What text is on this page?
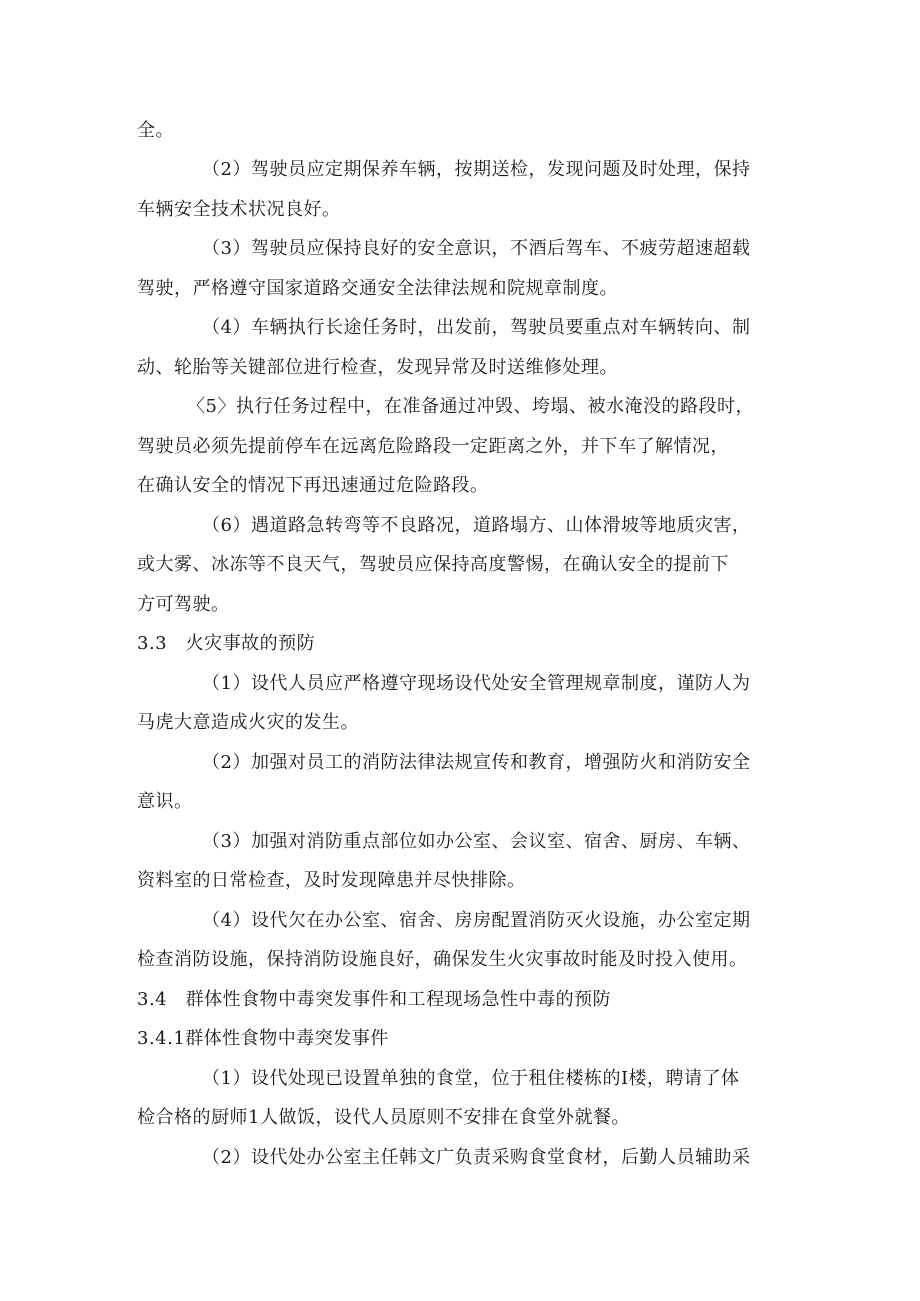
全。
（2）驾驶员应定期保养车辆，按期送检，发现问题及时处理，保持
车辆安全技术状况良好。
（3）驾驶员应保持良好的安全意识，不酒后驾车、不疲劳超速超载
驾驶，严格遵守国家道路交通安全法律法规和院规章制度。
（4）车辆执行长途任务时，出发前，驾驶员要重点对车辆转向、制
动、轮胎等关键部位进行检查，发现异常及时送维修处理。
〈5〉执行任务过程中，在准备通过冲毁、垮塌、被水淹没的路段时，
驾驶员必须先提前停车在远离危险路段一定距离之外，并下车了解情况，
在确认安全的情况下再迅速通过危险路段。
（6）遇道路急转弯等不良路况，道路塌方、山体滑坡等地质灾害，
或大雾、冰冻等不良天气，驾驶员应保持高度警惕，在确认安全的提前下
方可驾驶。
3.3　火灾事故的预防
（1）设代人员应严格遵守现场设代处安全管理规章制度，谨防人为
马虎大意造成火灾的发生。
（2）加强对员工的消防法律法规宣传和教育，增强防火和消防安全
意识。
（3）加强对消防重点部位如办公室、会议室、宿舍、厨房、车辆、
资料室的日常检查，及时发现障患并尽快排除。
（4）设代欠在办公室、宿舍、房房配置消防灭火设施，办公室定期
检查消防设施，保持消防设施良好，确保发生火灾事故时能及时投入使用。
3.4　群体性食物中毒突发事件和工程现场急性中毒的预防
3.4.1群体性食物中毒突发事件
（1）设代处现已设置单独的食堂，位于租住楼栋的I楼，聘请了体
检合格的厨师1人做饭，设代人员原则不安排在食堂外就餐。
（2）设代处办公室主任韩文广负责采购食堂食材，后勤人员辅助采
